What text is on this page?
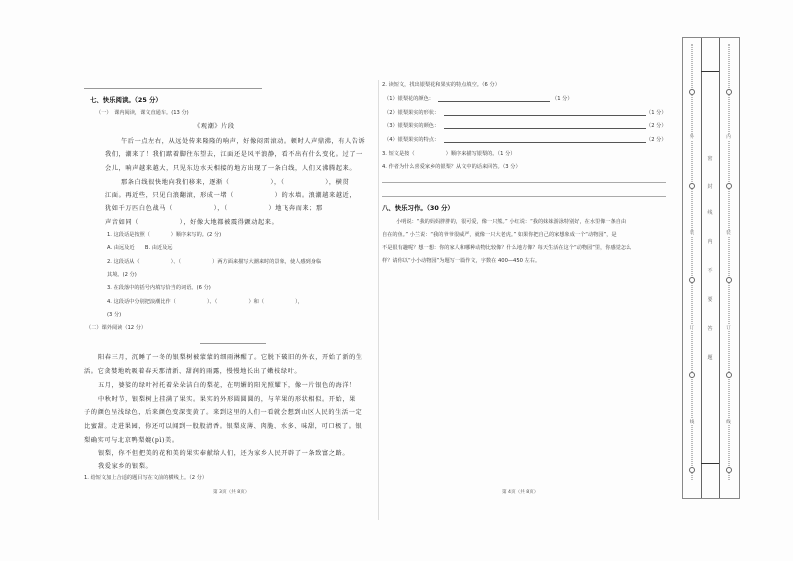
七、快乐阅读。（25 分）
（一）　课内阅读，课文直通车。(13 分)
《观潮》片段
午后一点左右，从远处传来隆隆的响声，好像闷雷滚动。顿时人声鼎沸，有人告诉
我们，潮来了！我们踮着脚往东望去，江面还是风平浪静，看不出有什么变化。过了一
会儿，响声越来越大，只见东边水天相接的地方出现了一条白线，人们又沸腾起来。
那条白线很快地向我们移来，逐渐（　　　　　　），（　　　　　　），横贯
江面。再近些，只见白浪翻滚，形成一堵（　　　　　　）的水墙。浪潮越来越近，
犹如千万匹白色战马（　　　　　　），（　　　　　　）地飞奔而来；那
声音如同（　　　　　　），好像大地都被震得颤动起来。
1. 这段话是按照（　　　　）顺序来写的。(2 分)
A. 由远及近　　B. 由近及远
2. 这段话从（　　　　　　）、（　　　　　　）两方面来描写大潮来时的景象，使人感到身临
其境。(2 分)
3. 在段落中的括号内填写恰当的词语。(6 分)
4. 这段话中分别把浪潮比作（　　　　　　）、（　　　　　　）和（　　　　　　），
(3 分)
（二）课外阅读（12 分）
阳春三月，沉睡了一冬的银梨树被蒙蒙的细雨淋醒了。它脱下破旧的外衣，开始了新的生
活。它贪婪地吮吸着春天那清新、甜润的雨露，慢慢地长出了嫩枝绿叶。
五月，婆娑的绿叶衬托着朵朵洁白的梨花，在明媚的阳光照耀下，像一片银色的海洋！
中秋时节，银梨树上挂满了果实。果实的外形圆圆圆的，与苹果的形状相似。开始，果
子的颜色呈浅绿色，后来颜色变深变黄了。来到这里的人们一看就会想到山区人民的生活一定
比蜜甜。走进果园，你还可以闻到一股股清香。银梨皮薄、肉脆、水多、味甜，可口极了。银
梨确实可与北京鸭梨媲(pì)美。
银梨，你不但把美的花和美的果实奉献给人们，还为家乡人民开辟了一条致富之路。
我爱家乡的银梨。
1. 给短文加上合适的题目写在文前的横线上。（2 分）
第 3页（共 8页）
2. 读短文，找出银梨花和果实的特点填空。（6 分）
（1）银梨花的颜色：	（1 分）
（2）银梨果实的形状：	（1 分）
（3）银梨果实的颜色：	（2 分）
（4）银梨果实的特点：	（2 分）
3. 短文是按（　　　　　　）顺序来描写银梨的。（1 分）
4. 作者为什么喜爱家乡的银梨？从文中的话来回答。（3 分）
八、快乐习作。（30 分）
小明说：“我的妈妈胖胖的，很可爱，像一只熊。” 小红说：“我的妹妹游泳特别好，在水里像一条自由
自在的鱼。” 小兰说：“我的爷爷很威严，就像一只大老虎。” 如果你把自己的家想象成一个“动物园”，是
不是很有趣呢？想一想：你的家人和哪种动物比较像？什么地方像？每天生活在这个“动物园”里，你感觉怎么
样？请你以“小小动物园”为题写一篇作文，字数在 400—450 左右。
第 4页（共 8页）
外
装
订
线
密
封
线
内
不
要
答
题
内
装
订
线
